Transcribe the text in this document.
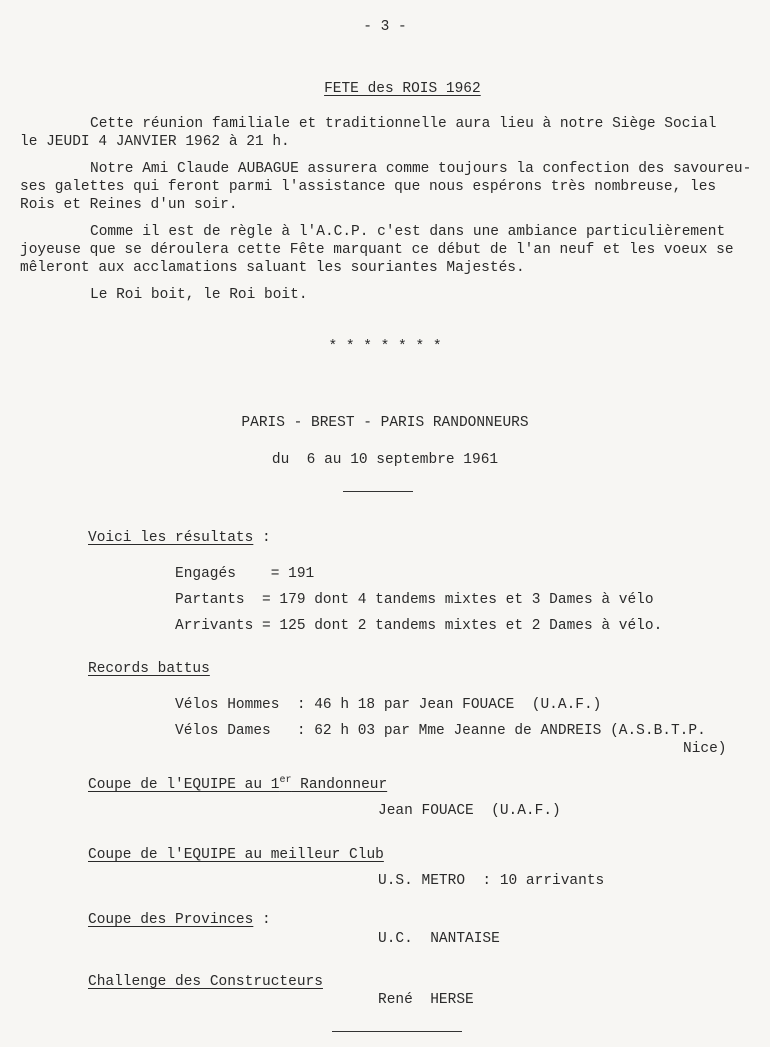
- 3 -

FETE des ROIS 1962

Cette réunion familiale et traditionnelle aura lieu à notre Siège Social
le JEUDI 4 JANVIER 1962 à 21 h.
Notre Ami Claude AUBAGUE assurera comme toujours la confection des savoureu-
ses galettes qui feront parmi l'assistance que nous espérons très nombreuse, les
Rois et Reines d'un soir.
Comme il est de règle à l'A.C.P. c'est dans une ambiance particulièrement
joyeuse que se déroulera cette Fête marquant ce début de l'an neuf et les voeux se
mêleront aux acclamations saluant les souriantes Majestés.
Le Roi boit, le Roi boit.
* * * * * * *
PARIS - BREST - PARIS RANDONNEURS
du  6 au 10 septembre 1961
Voici les résultats :
Engagés    = 191
Partants  = 179 dont 4 tandems mixtes et 3 Dames à vélo
Arrivants = 125 dont 2 tandems mixtes et 2 Dames à vélo.
Records battus
Vélos Hommes  : 46 h 18 par Jean FOUACE  (U.A.F.)
Vélos Dames   : 62 h 03 par Mme Jeanne de ANDREIS (A.S.B.T.P.
Nice)
Coupe de l'EQUIPE au 1er Randonneur
Jean FOUACE  (U.A.F.)
Coupe de l'EQUIPE au meilleur Club
U.S. METRO  : 10 arrivants
Coupe des Provinces :
U.C.  NANTAISE
Challenge des Constructeurs
René  HERSE
